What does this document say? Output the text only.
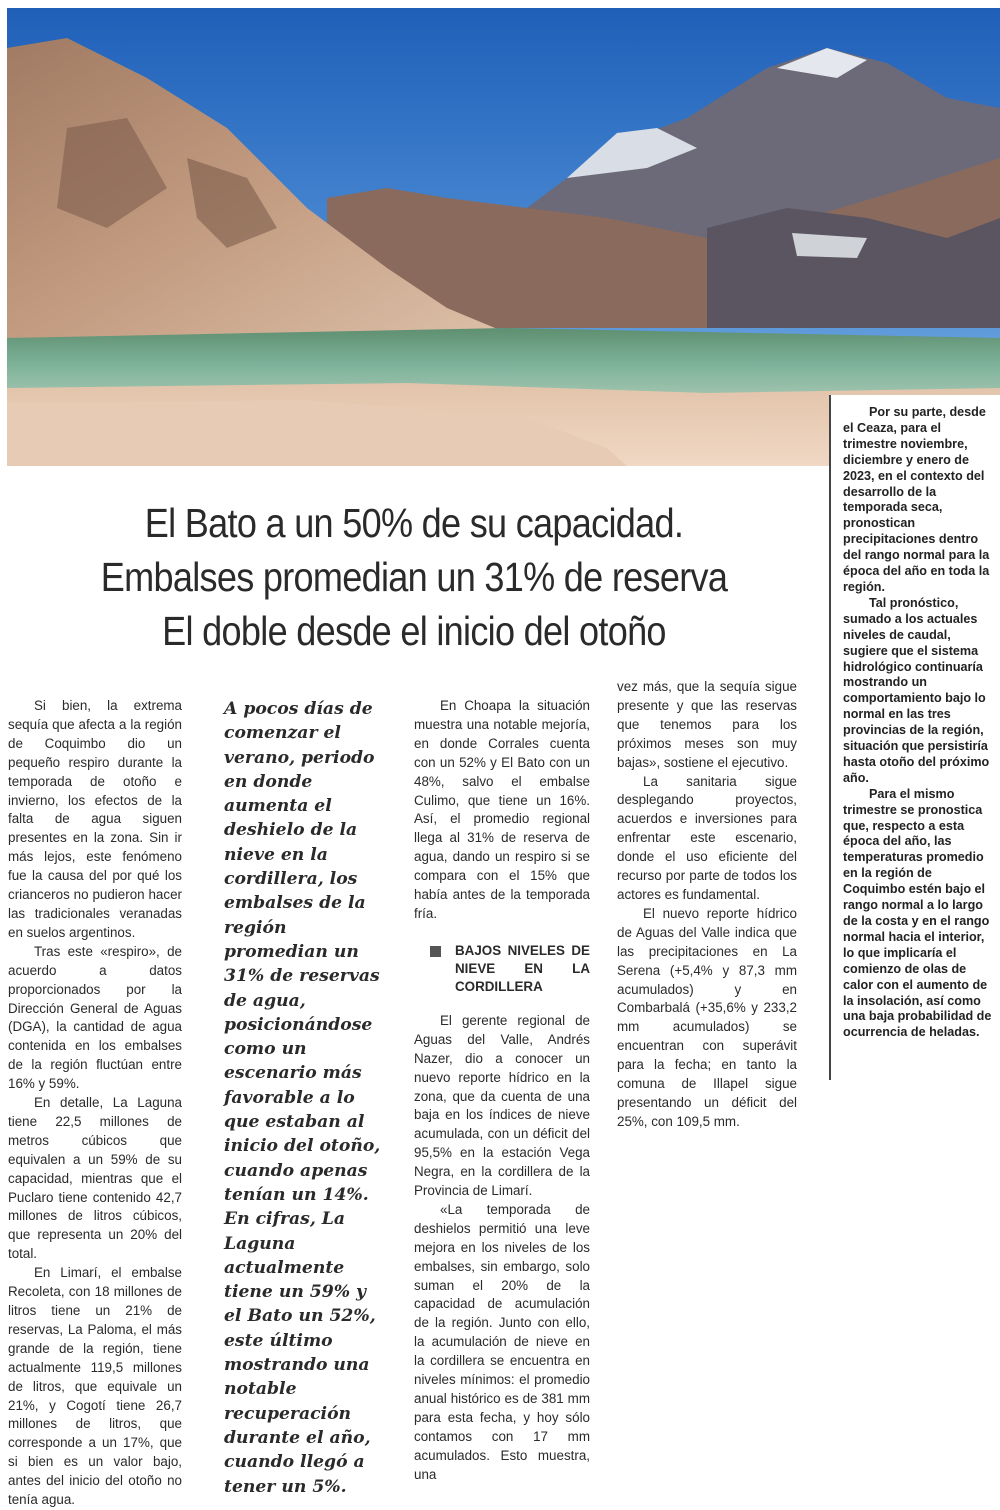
Por su parte, desde el Ceaza, para el trimestre noviembre, diciembre y enero de 2023, en el contexto del desarrollo de la temporada seca, pronostican precipitaciones dentro del rango normal para la época del año en toda la región.

Tal pronóstico, sumado a los actuales niveles de caudal, sugiere que el sistema hidrológico continuaría mostrando un comportamiento bajo lo normal en las tres provincias de la región, situación que persistiría hasta otoño del próximo año.

Para el mismo trimestre se pronostica que, respecto a esta época del año, las temperaturas promedio en la región de Coquimbo estén bajo el rango normal a lo largo de la costa y en el rango normal hacia el interior, lo que implicaría el comienzo de olas de calor con el aumento de la insolación, así como una baja probabilidad de ocurrencia de heladas.

El Bato a un 50% de su capacidad.
Embalses promedian un 31% de reserva
El doble desde el inicio del otoño

Si bien, la extrema sequía que afecta a la región de Coquimbo dio un pequeño respiro durante la temporada de otoño e invierno, los efectos de la falta de agua siguen presentes en la zona. Sin ir más lejos, este fenómeno fue la causa del por qué los crianceros no pudieron hacer las tradicionales veranadas en suelos argentinos.

Tras este «respiro», de acuerdo a datos proporcionados por la Dirección General de Aguas (DGA), la cantidad de agua contenida en los embalses de la región fluctúan entre 16% y 59%.

En detalle, La Laguna tiene 22,5 millones de metros cúbicos que equivalen a un 59% de su capacidad, mientras que el Puclaro tiene contenido 42,7 millones de litros cúbicos, que representa un 20% del total.

En Limarí, el embalse Recoleta, con 18 millones de litros tiene un 21% de reservas, La Paloma, el más grande de la región, tiene actualmente 119,5 millones de litros, que equivale un 21%, y Cogotí tiene 26,7 millones de litros, que corresponde a un 17%, que si bien es un valor bajo, antes del inicio del otoño no tenía agua.

A pocos días de comenzar el verano, periodo en donde aumenta el deshielo de la nieve en la cordillera, los embalses de la región promedian un 31% de reservas de agua, posicionándose como un escenario más favorable a lo que estaban al inicio del otoño, cuando apenas tenían un 14%. En cifras, La Laguna actualmente tiene un 59% y el Bato un 52%, este último mostrando una notable recuperación durante el año, cuando llegó a tener un 5%.

En Choapa la situación muestra una notable mejoría, en donde Corrales cuenta con un 52% y El Bato con un 48%, salvo el embalse Culimo, que tiene un 16%. Así, el promedio regional llega al 31% de reserva de agua, dando un respiro si se compara con el 15% que había antes de la temporada fría.

BAJOS NIVELES DE NIEVE EN LA CORDILLERA

El gerente regional de Aguas del Valle, Andrés Nazer, dio a conocer un nuevo reporte hídrico en la zona, que da cuenta de una baja en los índices de nieve acumulada, con un déficit del 95,5% en la estación Vega Negra, en la cordillera de la Provincia de Limarí.

«La temporada de deshielos permitió una leve mejora en los niveles de los embalses, sin embargo, solo suman el 20% de la capacidad de acumulación de la región. Junto con ello, la acumulación de nieve en la cordillera se encuentra en niveles mínimos: el promedio anual histórico es de 381 mm para esta fecha, y hoy sólo contamos con 17 mm acumulados. Esto muestra, una

vez más, que la sequía sigue presente y que las reservas que tenemos para los próximos meses son muy bajas», sostiene el ejecutivo.

La sanitaria sigue desplegando proyectos, acuerdos e inversiones para enfrentar este escenario, donde el uso eficiente del recurso por parte de todos los actores es fundamental.

El nuevo reporte hídrico de Aguas del Valle indica que las precipitaciones en La Serena (+5,4% y 87,3 mm acumulados) y en Combarbalá (+35,6% y 233,2 mm acumulados) se encuentran con superávit para la fecha; en tanto la comuna de Illapel sigue presentando un déficit del 25%, con 109,5 mm.
